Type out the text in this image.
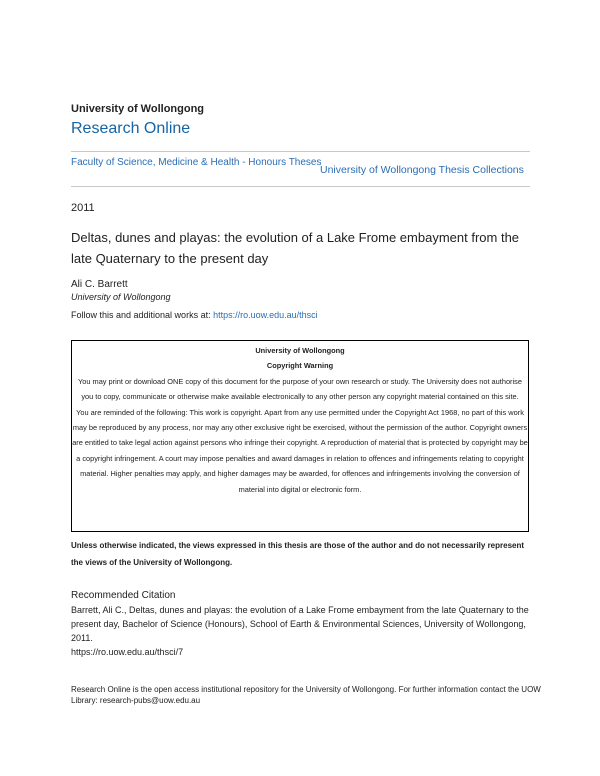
University of Wollongong
Research Online
Faculty of Science, Medicine & Health - Honours Theses
University of Wollongong Thesis Collections
2011
Deltas, dunes and playas: the evolution of a Lake Frome embayment from the late Quaternary to the present day
Ali C. Barrett
University of Wollongong
Follow this and additional works at: https://ro.uow.edu.au/thsci
University of Wollongong
Copyright Warning
You may print or download ONE copy of this document for the purpose of your own research or study. The University does not authorise you to copy, communicate or otherwise make available electronically to any other person any copyright material contained on this site.
You are reminded of the following: This work is copyright. Apart from any use permitted under the Copyright Act 1968, no part of this work may be reproduced by any process, nor may any other exclusive right be exercised, without the permission of the author. Copyright owners are entitled to take legal action against persons who infringe their copyright. A reproduction of material that is protected by copyright may be a copyright infringement. A court may impose penalties and award damages in relation to offences and infringements relating to copyright material. Higher penalties may apply, and higher damages may be awarded, for offences and infringements involving the conversion of material into digital or electronic form.
Unless otherwise indicated, the views expressed in this thesis are those of the author and do not necessarily represent the views of the University of Wollongong.
Recommended Citation
Barrett, Ali C., Deltas, dunes and playas: the evolution of a Lake Frome embayment from the late Quaternary to the present day, Bachelor of Science (Honours), School of Earth & Environmental Sciences, University of Wollongong, 2011.
https://ro.uow.edu.au/thsci/7
Research Online is the open access institutional repository for the University of Wollongong. For further information contact the UOW Library: research-pubs@uow.edu.au
